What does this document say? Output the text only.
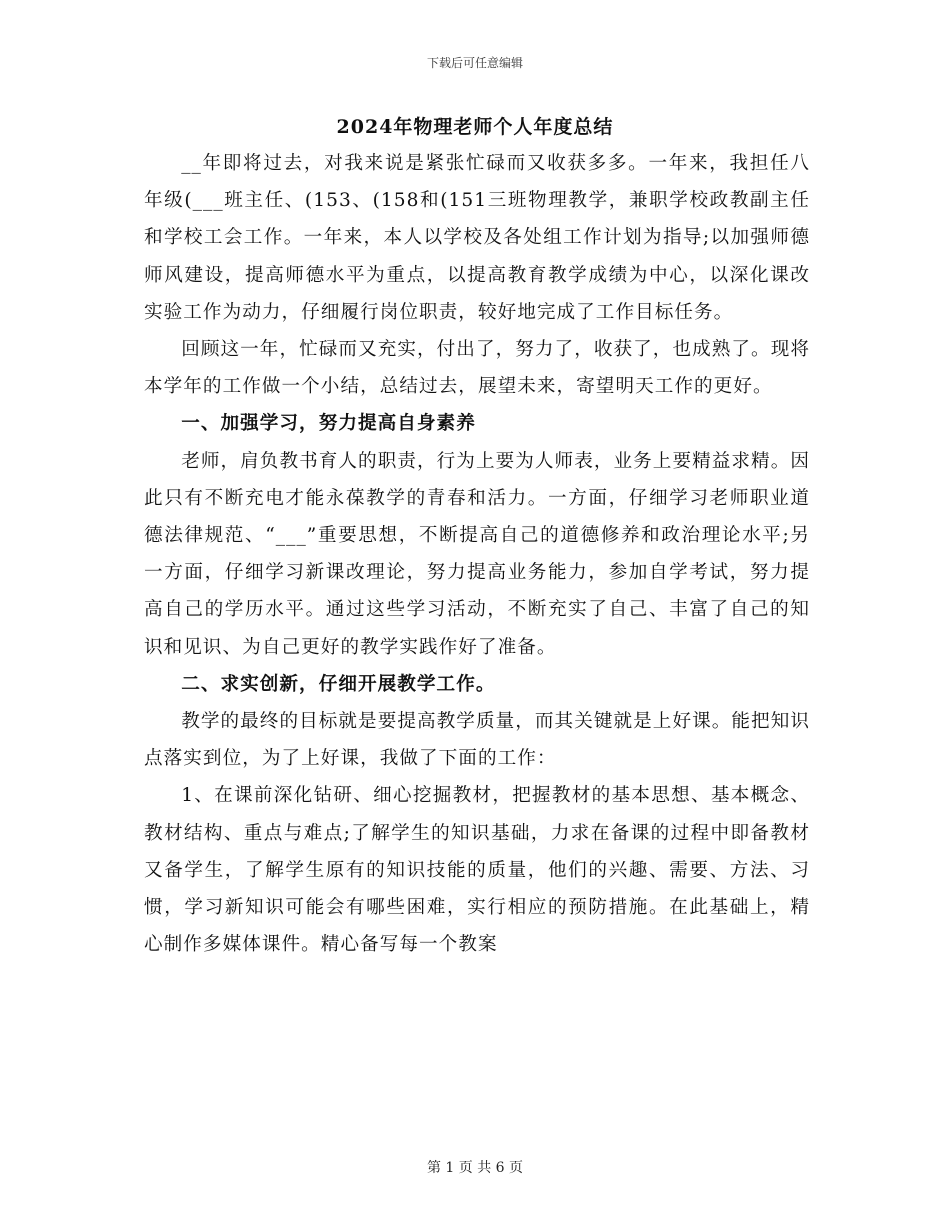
下载后可任意编辑
2024年物理老师个人年度总结

__年即将过去，对我来说是紧张忙碌而又收获多多。一年来，我担任八年级(___班主任、(153、(158和(151三班物理教学，兼职学校政教副主任和学校工会工作。一年来，本人以学校及各处组工作计划为指导;以加强师德师风建设，提高师德水平为重点，以提高教育教学成绩为中心，以深化课改实验工作为动力，仔细履行岗位职责，较好地完成了工作目标任务。

回顾这一年，忙碌而又充实，付出了，努力了，收获了，也成熟了。现将本学年的工作做一个小结，总结过去，展望未来，寄望明天工作的更好。

一、加强学习，努力提高自身素养

老师，肩负教书育人的职责，行为上要为人师表，业务上要精益求精。因此只有不断充电才能永葆教学的青春和活力。一方面，仔细学习老师职业道德法律规范、“___”重要思想，不断提高自己的道德修养和政治理论水平;另一方面，仔细学习新课改理论，努力提高业务能力，参加自学考试，努力提高自己的学历水平。通过这些学习活动，不断充实了自己、丰富了自己的知识和见识、为自己更好的教学实践作好了准备。

二、求实创新，仔细开展教学工作。

教学的最终的目标就是要提高教学质量，而其关键就是上好课。能把知识点落实到位，为了上好课，我做了下面的工作：

1、在课前深化钻研、细心挖掘教材，把握教材的基本思想、基本概念、教材结构、重点与难点;了解学生的知识基础，力求在备课的过程中即备教材又备学生，了解学生原有的知识技能的质量，他们的兴趣、需要、方法、习惯，学习新知识可能会有哪些困难，实行相应的预防措施。在此基础上，精心制作多媒体课件。精心备写每一个教案

第 1 页 共 6 页
